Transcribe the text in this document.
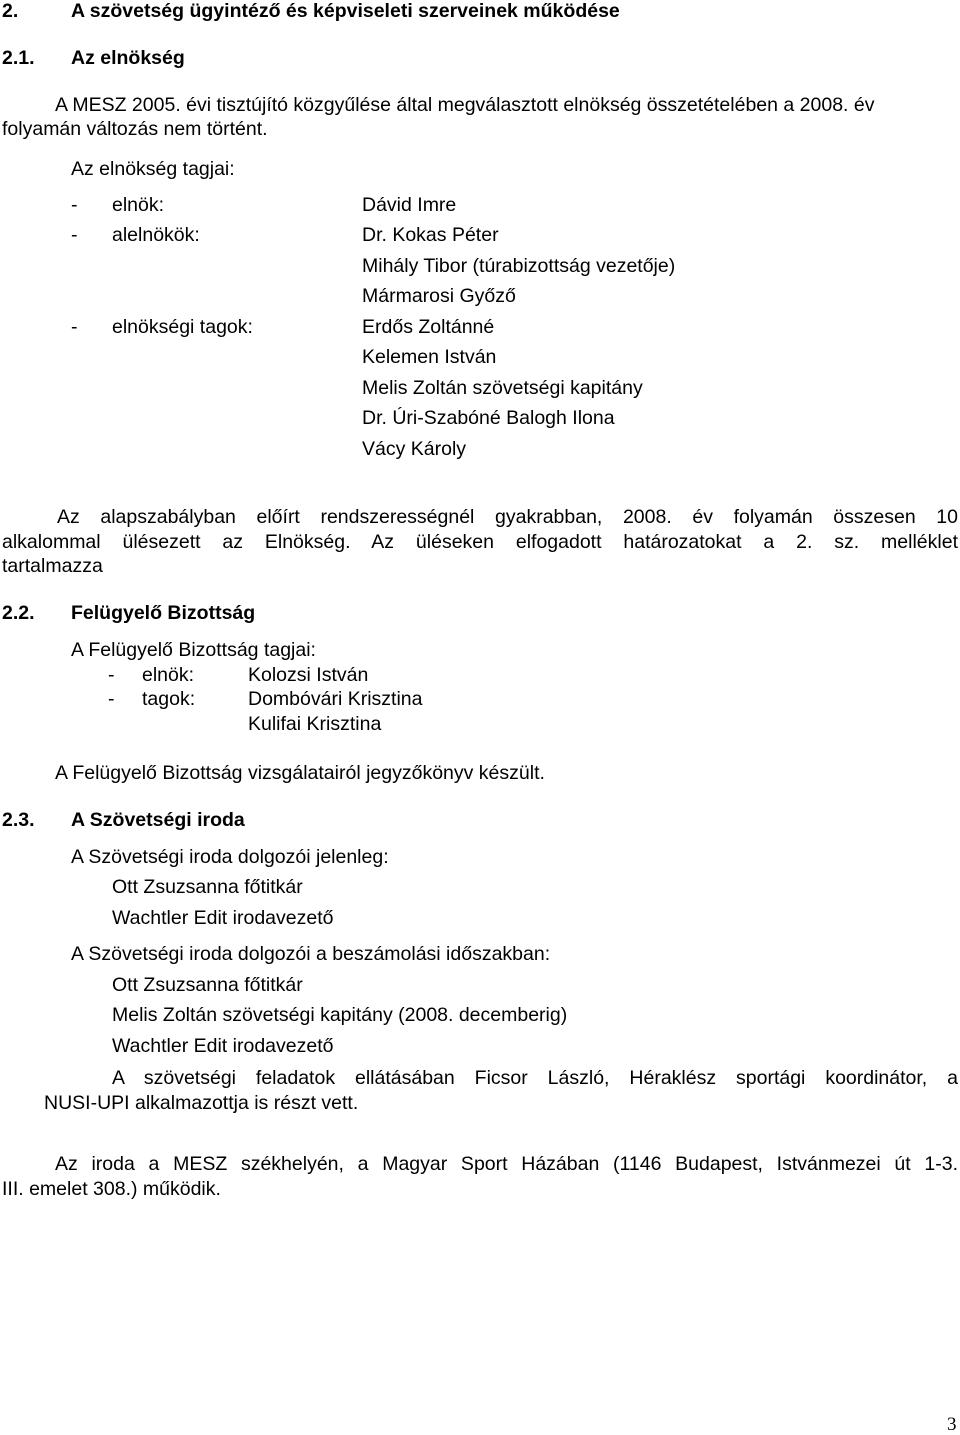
2.	A szövetség ügyintéző és képviseleti szerveinek működése
2.1. Az elnökség
A MESZ 2005. évi tisztújító közgyűlése által megválasztott elnökség összetételében a 2008. év
folyamán változás nem történt.
Az elnökség tagjai:
- elnök:	Dávid Imre
- alelnökök:	Dr. Kokas Péter
Mihály Tibor (túrabizottság vezetője)
Mármarosi Győző
- elnökségi tagok:	Erdős Zoltánné
Kelemen István
Melis Zoltán szövetségi kapitány
Dr. Úri-Szabóné Balogh Ilona
Vácy Károly
Az alapszabályban előírt rendszerességnél gyakrabban, 2008. év folyamán összesen 10
alkalommal ülésezett az Elnökség. Az üléseken elfogadott határozatokat a 2. sz. melléklet
tartalmazza
2.2. Felügyelő Bizottság
A Felügyelő Bizottság tagjai:
- elnök:	Kolozsi István
- tagok:	Dombóvári Krisztina
Kulifai Krisztina
A Felügyelő Bizottság vizsgálatairól jegyzőkönyv készült.
2.3. A Szövetségi iroda
A Szövetségi iroda dolgozói jelenleg:
Ott Zsuzsanna főtitkár
Wachtler Edit irodavezető
A Szövetségi iroda dolgozói a beszámolási időszakban:
Ott Zsuzsanna főtitkár
Melis Zoltán szövetségi kapitány (2008. decemberig)
Wachtler Edit irodavezető
A szövetségi feladatok ellátásában Ficsor László, Héraklész sportági koordinátor, a
NUSI-UPI alkalmazottja is részt vett.
Az iroda a MESZ székhelyén, a Magyar Sport Házában (1146 Budapest, Istvánmezei út 1-3.
III. emelet 308.) működik.
3
